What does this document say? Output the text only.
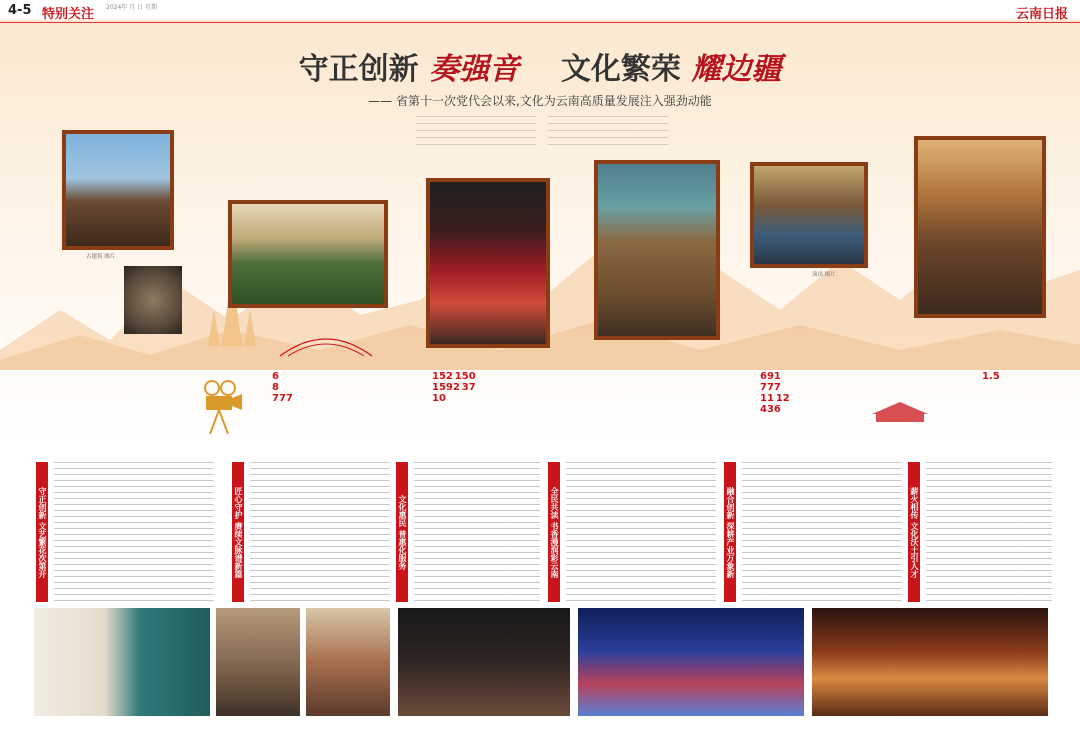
4-5 特别关注 2024年 月 日 星期	云南日报
守正创新 奏强音 文化繁荣 耀边疆
—— 省第十一次党代会以来,文化为云南高质量发展注入强劲动能
古建筑 图片
演出 图片
6
8
777
152 150
1592 37
10
691
777
11 12
436
1.5
守正创新 文艺繁花次第开	匠心守护 赓续文脉谱新篇	文化惠民 普惠化服务	全民共读 书香漫润彩云南	融合创新 深耕产业万象新	薪火相传 文化沃土引人才
